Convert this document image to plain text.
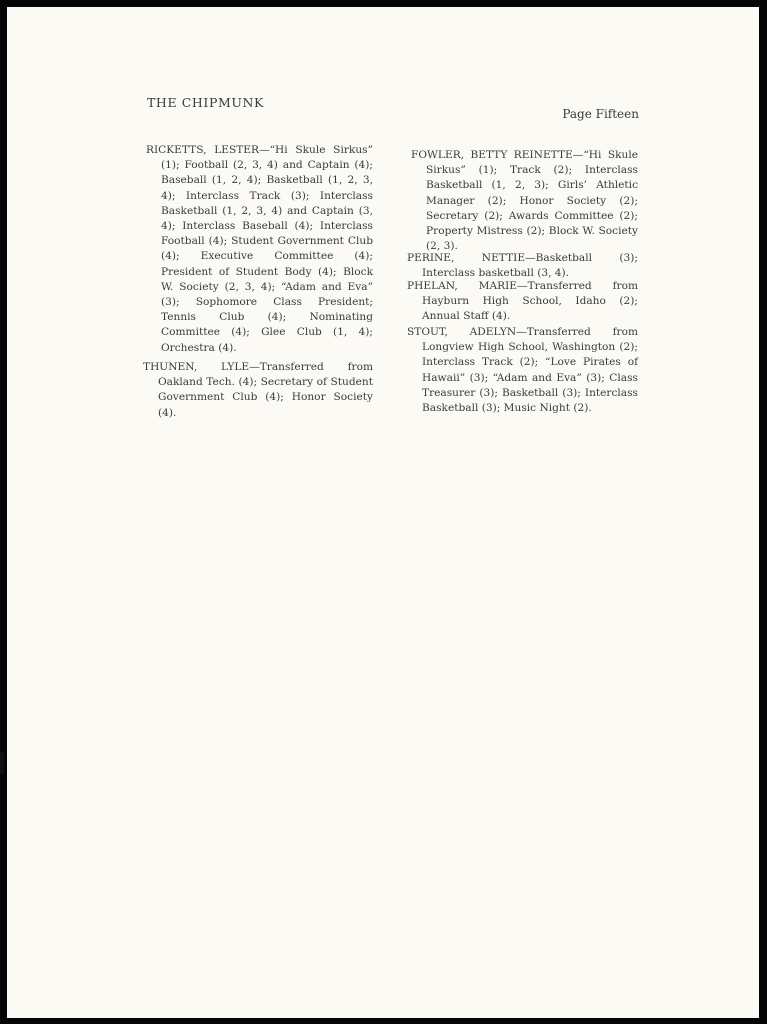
THE CHIPMUNK
Page Fifteen
RICKETTS, LESTER—“Hi Skule Sirkus” (1); Football (2, 3, 4) and Captain (4); Baseball (1, 2, 4); Basketball (1, 2, 3, 4); Interclass Track (3); Interclass Basketball (1, 2, 3, 4) and Captain (3, 4); Interclass Baseball (4); Interclass Football (4); Student Government Club (4); Executive Committee (4); President of Student Body (4); Block W. Society (2, 3, 4); “Adam and Eva” (3); Sophomore Class President; Tennis Club (4); Nominating Committee (4); Glee Club (1, 4); Orchestra (4).
THUNEN, LYLE—Transferred from Oakland Tech. (4); Secretary of Student Government Club (4); Honor Society (4).
FOWLER, BETTY REINETTE—“Hi Skule Sirkus” (1); Track (2); Interclass Basketball (1, 2, 3); Girls’ Athletic Manager (2); Honor Society (2); Secretary (2); Awards Committee (2); Property Mistress (2); Block W. Society (2, 3).
PERINE, NETTIE—Basketball (3); Interclass basketball (3, 4).
PHELAN, MARIE—Transferred from Hayburn High School, Idaho (2); Annual Staff (4).
STOUT, ADELYN—Transferred from Longview High School, Washington (2); Interclass Track (2); “Love Pirates of Hawaii” (3); “Adam and Eva” (3); Class Treasurer (3); Basketball (3); Interclass Basketball (3); Music Night (2).
